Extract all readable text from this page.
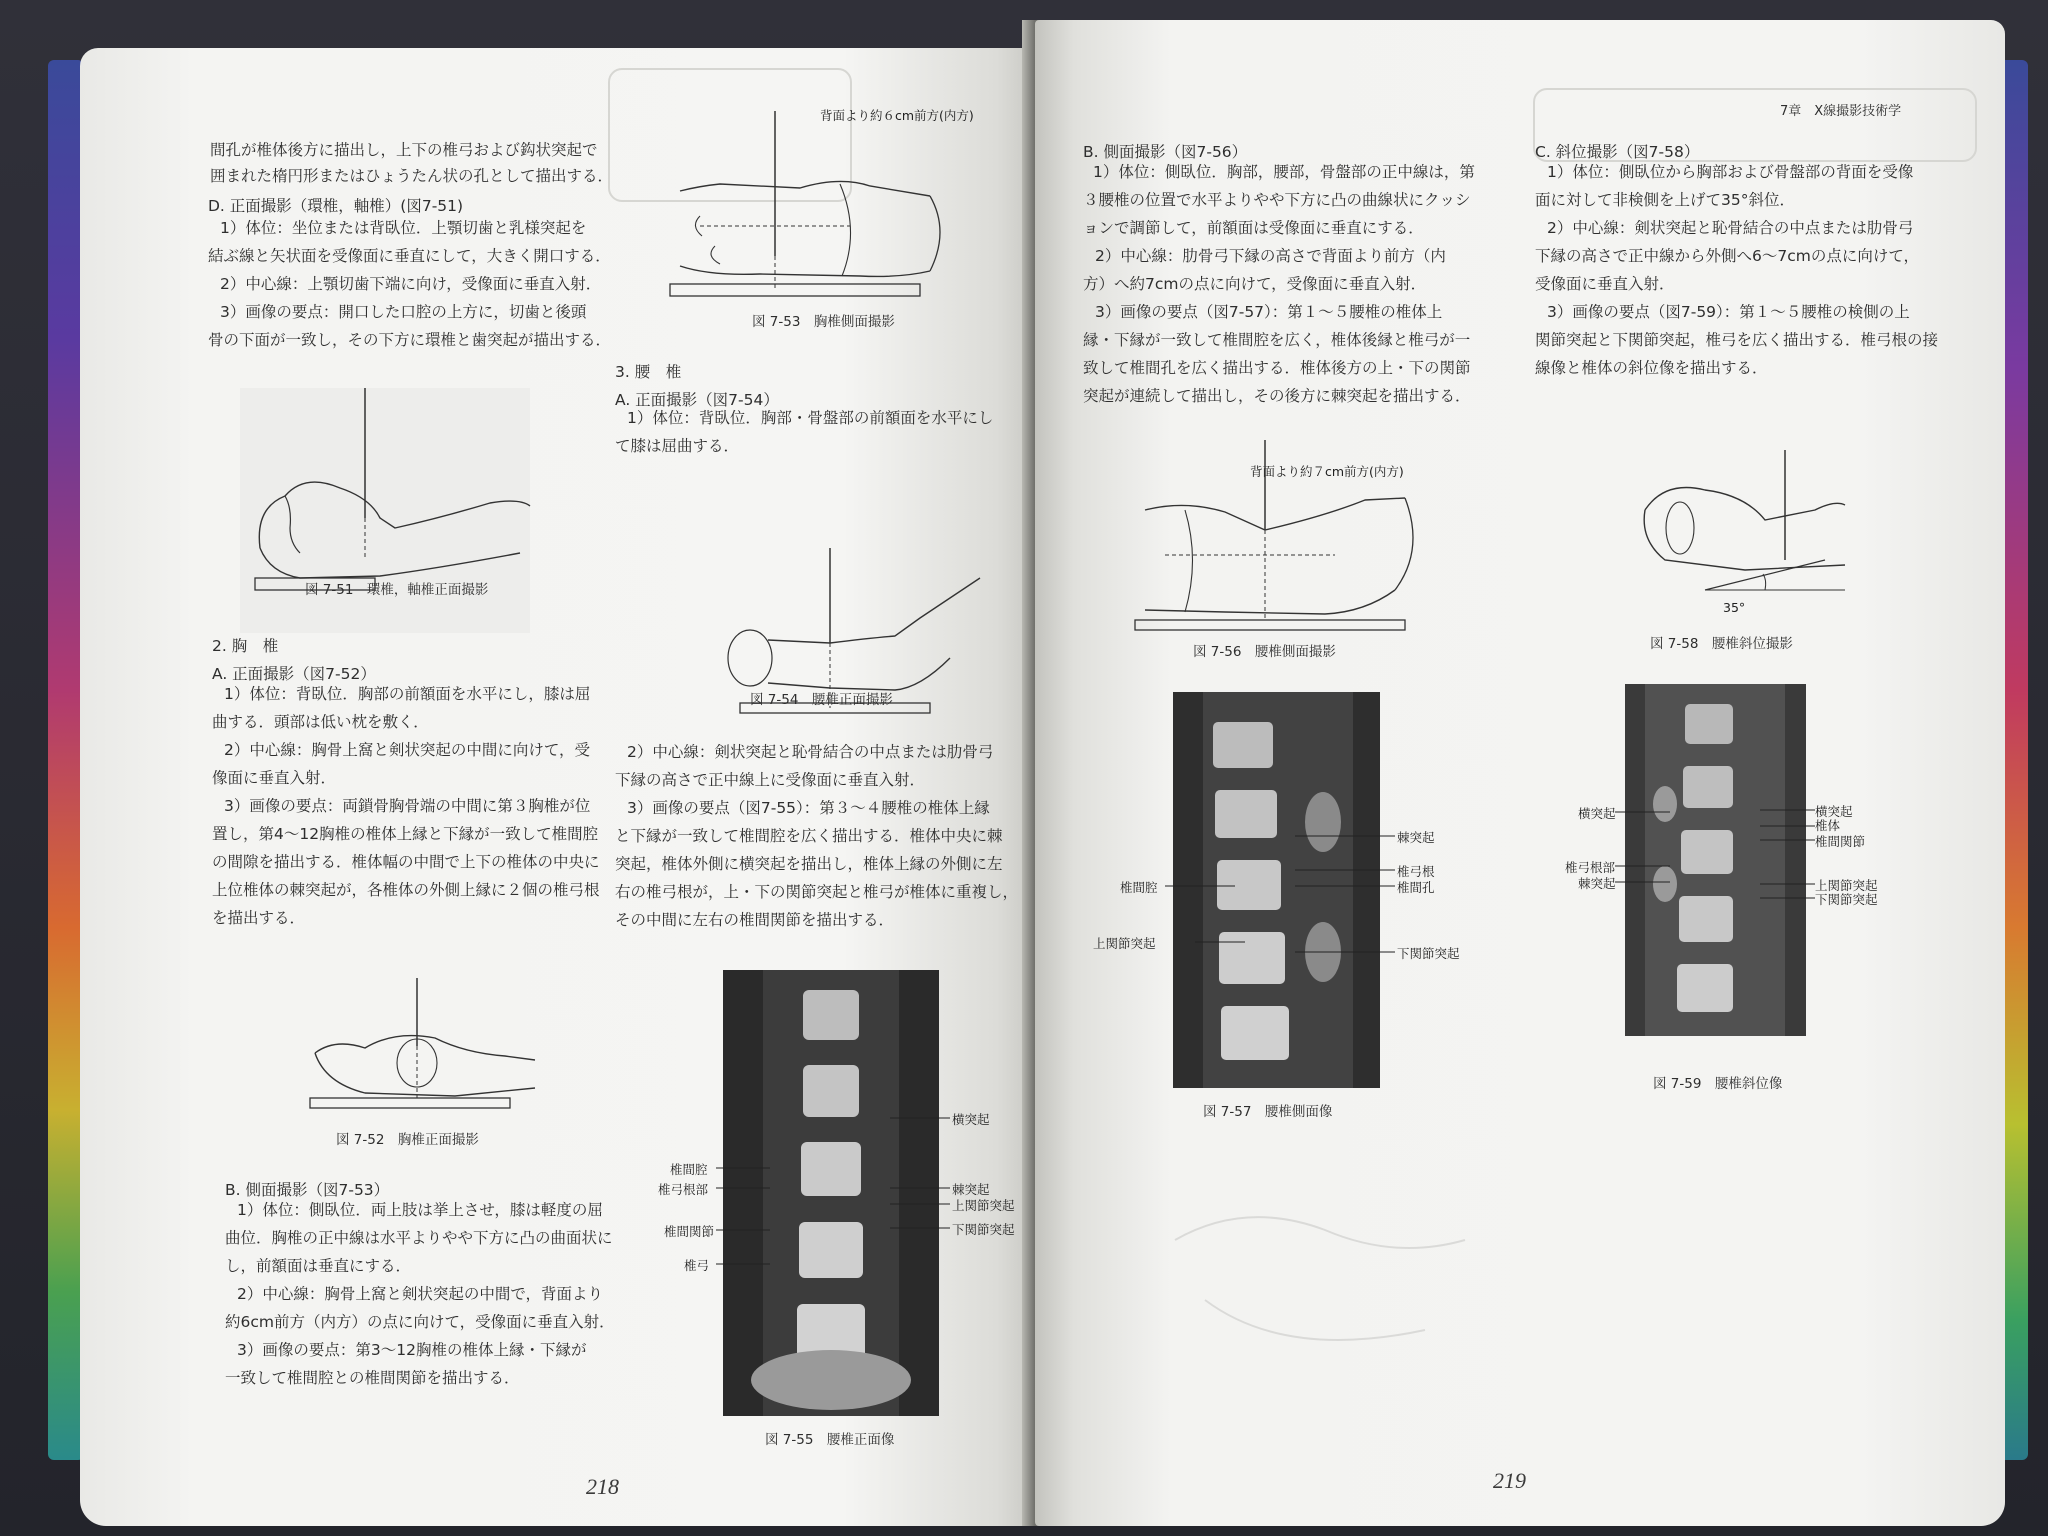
間孔が椎体後方に描出し，上下の椎弓および鈎状突起で
囲まれた楕円形またはひょうたん状の孔として描出する．
D. 正面撮影（環椎，軸椎）(図7-51)
1）体位：坐位または背臥位．上顎切歯と乳様突起を
結ぶ線と矢状面を受像面に垂直にして，大きく開口する．
2）中心線：上顎切歯下端に向け，受像面に垂直入射．
3）画像の要点：開口した口腔の上方に，切歯と後頭
骨の下面が一致し，その下方に環椎と歯突起が描出する．
図 7-51　環椎，軸椎正面撮影
2. 胸　椎
A. 正面撮影（図7-52）
1）体位：背臥位．胸部の前額面を水平にし，膝は屈
曲する．頭部は低い枕を敷く．
2）中心線：胸骨上窩と剣状突起の中間に向けて，受
像面に垂直入射．
3）画像の要点：両鎖骨胸骨端の中間に第３胸椎が位
置し，第4～12胸椎の椎体上縁と下縁が一致して椎間腔
の間隙を描出する．椎体幅の中間で上下の椎体の中央に
上位椎体の棘突起が，各椎体の外側上縁に２個の椎弓根
を描出する．
図 7-52　胸椎正面撮影
B. 側面撮影（図7-53）
1）体位：側臥位．両上肢は挙上させ，膝は軽度の屈
曲位．胸椎の正中線は水平よりやや下方に凸の曲面状に
し，前額面は垂直にする．
2）中心線：胸骨上窩と剣状突起の中間で，背面より
約6cm前方（内方）の点に向けて，受像面に垂直入射．
3）画像の要点：第3～12胸椎の椎体上縁・下縁が
一致して椎間腔との椎間関節を描出する．
背面より約６cm前方(内方)
図 7-53　胸椎側面撮影
3. 腰　椎
A. 正面撮影（図7-54）
1）体位：背臥位．胸部・骨盤部の前額面を水平にし
て膝は屈曲する．
図 7-54　腰椎正面撮影
2）中心線：剣状突起と恥骨結合の中点または肋骨弓
下縁の高さで正中線上に受像面に垂直入射．
3）画像の要点（図7-55）：第３～４腰椎の椎体上縁
と下縁が一致して椎間腔を広く描出する．椎体中央に棘
突起，椎体外側に横突起を描出し，椎体上縁の外側に左
右の椎弓根が，上・下の関節突起と椎弓が椎体に重複し，
その中間に左右の椎間関節を描出する．
椎間腔
椎弓根部
椎間関節
椎弓
横突起
棘突起
上関節突起
下関節突起
図 7-55　腰椎正面像
218
7章　X線撮影技術学
B. 側面撮影（図7-56）
1）体位：側臥位．胸部，腰部，骨盤部の正中線は，第
３腰椎の位置で水平よりやや下方に凸の曲線状にクッシ
ョンで調節して，前額面は受像面に垂直にする．
2）中心線：肋骨弓下縁の高さで背面より前方（内
方）へ約7cmの点に向けて，受像面に垂直入射．
3）画像の要点（図7-57）：第１～５腰椎の椎体上
縁・下縁が一致して椎間腔を広く，椎体後縁と椎弓が一
致して椎間孔を広く描出する．椎体後方の上・下の関節
突起が連続して描出し，その後方に棘突起を描出する．
背面より約７cm前方(内方)
図 7-56　腰椎側面撮影
椎間腔
上関節突起
棘突起
椎弓根
椎間孔
下関節突起
図 7-57　腰椎側面像
C. 斜位撮影（図7-58）
1）体位：側臥位から胸部および骨盤部の背面を受像
面に対して非検側を上げて35°斜位．
2）中心線：剣状突起と恥骨結合の中点または肋骨弓
下縁の高さで正中線から外側へ6～7cmの点に向けて，
受像面に垂直入射．
3）画像の要点（図7-59）：第１～５腰椎の検側の上
関節突起と下関節突起，椎弓を広く描出する．椎弓根の接
線像と椎体の斜位像を描出する．
35°
図 7-58　腰椎斜位撮影
横突起
椎弓根部
棘突起
横突起
椎体
椎間関節
上関節突起
下関節突起
図 7-59　腰椎斜位像
219
